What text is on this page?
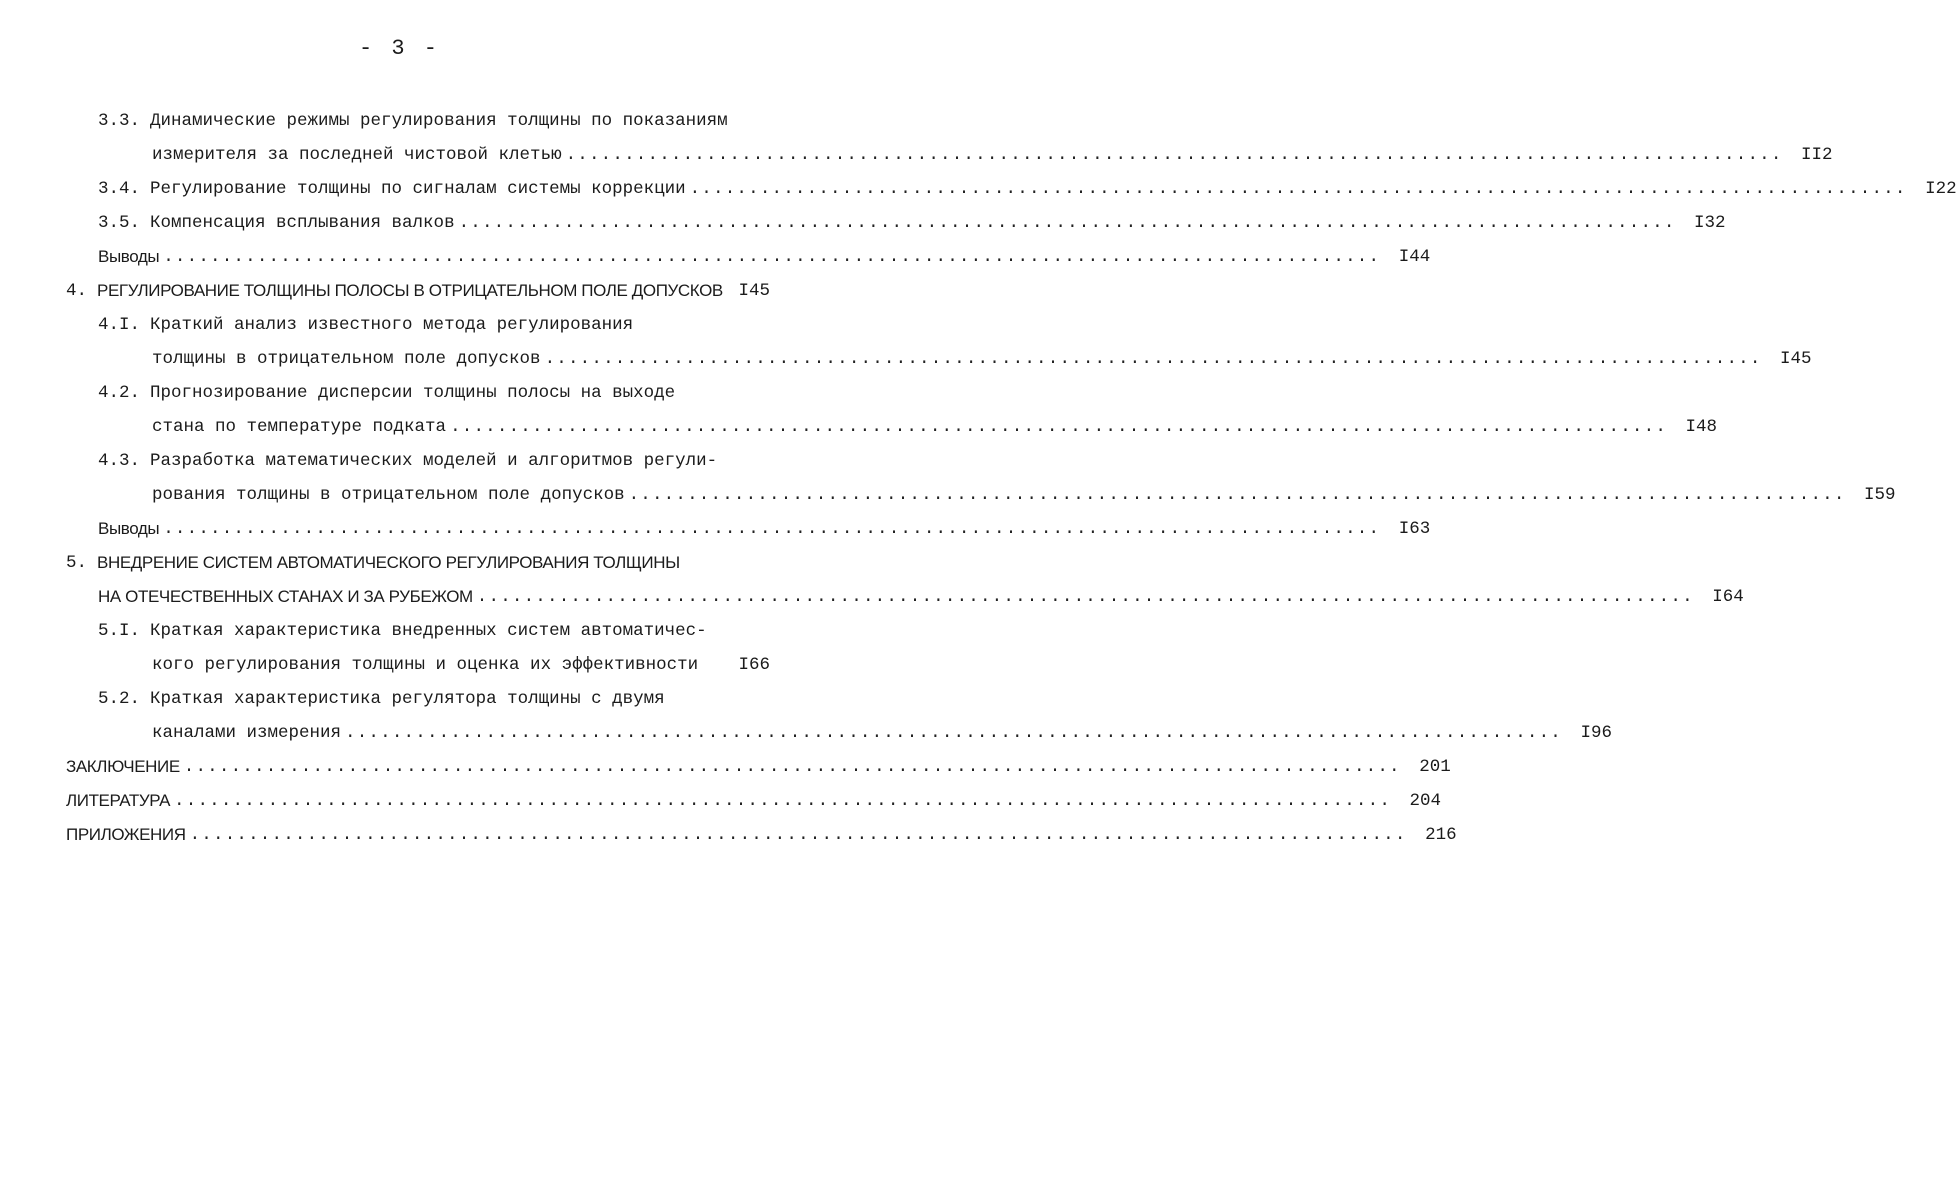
- 3 -
3.3. Динамические режимы регулирования толщины по показаниям
измерителя за последней чистовой клетью ........................................................................................................	II2
3.4. Регулирование толщины по сигналам системы коррекции ........................................................................................................	I22
3.5. Компенсация всплывания валков ........................................................................................................	I32
Выводы ........................................................................................................	I44
4. РЕГУЛИРОВАНИЕ ТОЛЩИНЫ ПОЛОСЫ В ОТРИЦАТЕЛЬНОМ ПОЛЕ ДОПУСКОВ I45
4.I. Краткий анализ известного метода регулирования
толщины в отрицательном поле допусков ........................................................................................................	I45
4.2. Прогнозирование дисперсии толщины полосы на выходе
стана по температуре подката ........................................................................................................	I48
4.3. Разработка математических моделей и алгоритмов регули-
рования толщины в отрицательном поле допусков ........................................................................................................	I59
Выводы ........................................................................................................	I63
5. ВНЕДРЕНИЕ СИСТЕМ АВТОМАТИЧЕСКОГО РЕГУЛИРОВАНИЯ ТОЛЩИНЫ
НА ОТЕЧЕСТВЕННЫХ СТАНАХ И ЗА РУБЕЖОМ ........................................................................................................	I64
5.I. Краткая характеристика внедренных систем автоматичес-
кого регулирования толщины и оценка их эффективности	I66
5.2. Краткая характеристика регулятора толщины с двумя
каналами измерения ........................................................................................................	I96
ЗАКЛЮЧЕНИЕ ........................................................................................................	201
ЛИТЕРАТУРА ........................................................................................................	204
ПРИЛОЖЕНИЯ ........................................................................................................	216
